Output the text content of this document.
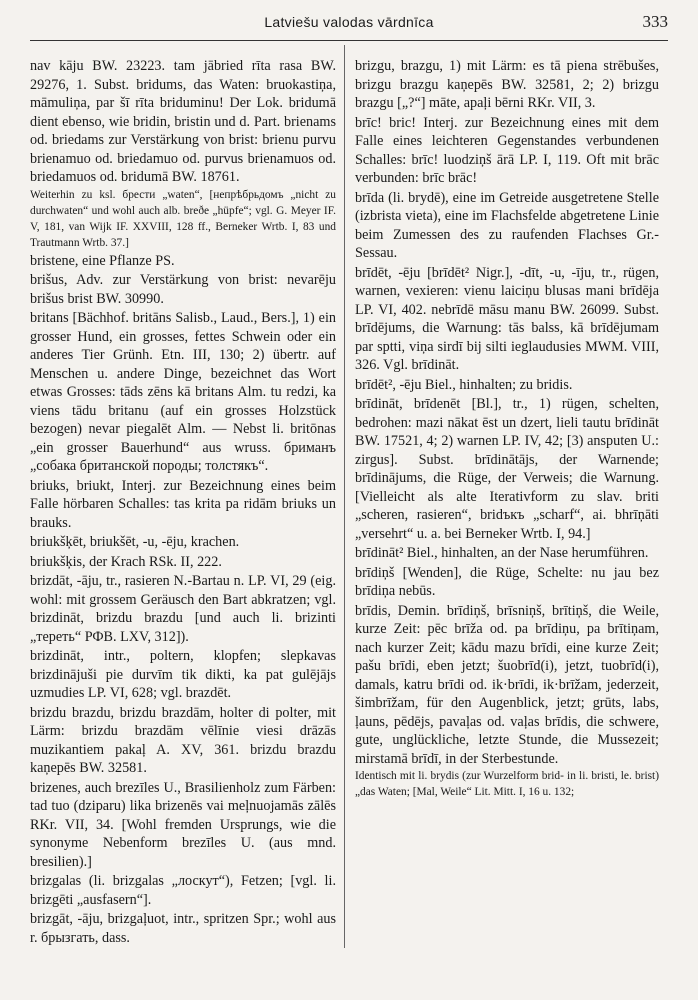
Latviešu valodas vārdnīca	333

nav kāju BW. 23223. tam jābried rīta rasa BW. 29276, 1. Subst. bridums, das Waten: bruokastiņa, māmuliņa, par šī rīta briduminu! Der Lok. bridumā dient ebenso, wie bridin, bristin und d. Part. brienams od. briedams zur Verstärkung von brist: brienu purvu brienamuo od. briedamuo od. purvus brienamuos od. briedamuos od. bridumā BW. 18761.

Weiterhin zu ksl. брести „waten“, [непрѣбрьдомъ „nicht zu durchwaten“ und wohl auch alb. breðe „hüpfe“; vgl. G. Meyer IF. V, 181, van Wijk IF. XXVIII, 128 ff., Berneker Wrtb. I, 83 und Trautmann Wrtb. 37.]

bristene, eine Pflanze PS.

brišus, Adv. zur Verstärkung von brist: nevarēju brišus brist BW. 30990.

britans [Bächhof. britāns Salisb., Laud., Bers.], 1) ein grosser Hund, ein grosses, fettes Schwein oder ein anderes Tier Grünh. Etn. III, 130; 2) übertr. auf Menschen u. andere Dinge, bezeichnet das Wort etwas Grosses: tāds zēns kā britans Alm. tu redzi, ka viens tādu britanu (auf ein grosses Holzstück bezogen) nevar piegalēt Alm. — Nebst li. britōnas „ein grosser Bauerhund“ aus wruss. бриманъ „собака британской породы; толстякъ“.

briuks, briukt, Interj. zur Bezeichnung eines beim Falle hörbaren Schalles: tas krita pa ridām briuks un brauks.

briukšķēt, briukšēt, -u, -ēju, krachen.

briukšķis, der Krach RSk. II, 222.

brizdāt, -āju, tr., rasieren N.-Bartau n. LP. VI, 29 (eig. wohl: mit grossem Geräusch den Bart abkratzen; vgl. brizdināt, brizdu brazdu [und auch li. brizinti „тереть“ РФВ. LXV, 312]).

brizdināt, intr., poltern, klopfen; slepkavas brizdinājuši pie durvīm tik dikti, ka pat gulējājs uzmudies LP. VI, 628; vgl. brazdēt.

brizdu brazdu, brizdu brazdām, holter di polter, mit Lärm: brizdu brazdām vēlīnie viesi drāzās muzikantiem pakaļ A. XV, 361. brizdu brazdu kaņepēs BW. 32581.

brizenes, auch brezīles U., Brasilienholz zum Färben: tad tuo (dziparu) lika brizenēs vai meļnuojamās zālēs RKr. VII, 34. [Wohl fremden Ursprungs, wie die synonyme Nebenform brezīles U. (aus mnd. bresilien).]

brizgalas (li. brizgalas „лоскут“), Fetzen; [vgl. li. brizgēti „ausfasern“].

brizgāt, -āju, brizgaļuot, intr., spritzen Spr.; wohl aus r. брызгать, dass.

brizgu, brazgu, 1) mit Lärm: es tā piena strēbušes, brizgu brazgu kaņepēs BW. 32581, 2; 2) brizgu brazgu [„?“] māte, apaļi bērni RKr. VII, 3.

brīc! bric! Interj. zur Bezeichnung eines mit dem Falle eines leichteren Gegenstandes verbundenen Schalles: brīc! luodziņš ārā LP. I, 119. Oft mit brāc verbunden: brīc brāc!

brīda (li. brydē), eine im Getreide ausgetretene Stelle (izbrista vieta), eine im Flachsfelde abgetretene Linie beim Zumessen des zu raufenden Flachses Gr.-Sessau.

brīdēt, -ēju [brīdēt² Nigr.], -dīt, -u, -īju, tr., rügen, warnen, vexieren: vienu laiciņu blusas mani brīdēja LP. VI, 402. nebrīdē māsu manu BW. 26099. Subst. brīdējums, die Warnung: tās balss, kā brīdējumam par sptti, viņa sirdī bij silti ieglaudusies MWM. VIII, 326. Vgl. brīdināt.

brīdēt², -ēju Biel., hinhalten; zu bridis.

brīdināt, brīdenēt [Bl.], tr., 1) rügen, schelten, bedrohen: mazi nākat ēst un dzert, lieli tautu brīdināt BW. 17521, 4; 2) warnen LP. IV, 42; [3) ansputen U.: zirgus]. Subst. brīdinātājs, der Warnende; brīdinājums, die Rüge, der Verweis; die Warnung. [Vielleicht als alte Iterativform zu slav. briti „scheren, rasieren“, bridъкъ „scharf“, ai. bhrīņāti „versehrt“ u. a. bei Berneker Wrtb. I, 94.]

brīdināt² Biel., hinhalten, an der Nase herumführen.

brīdiņš [Wenden], die Rüge, Schelte: nu jau bez brīdiņa nebūs.

brīdis, Demin. brīdiņš, brīsniņš, brītiņš, die Weile, kurze Zeit: pēc brīža od. pa brīdiņu, pa brītiņam, nach kurzer Zeit; kādu mazu brīdi, eine kurze Zeit; pašu brīdi, eben jetzt; šuobrīd(i), jetzt, tuobrīd(i), damals, katru brīdi od. ik·brīdi, ik·brīžam, jederzeit, šimbrīžam, für den Augenblick, jetzt; grūts, labs, ļauns, pēdējs, pavaļas od. vaļas brīdis, die schwere, gute, unglückliche, letzte Stunde, die Mussezeit; mirstamā brīdī, in der Sterbestunde.

Identisch mit li. brydis (zur Wurzelform brid- in li. bristi, le. brist) „das Waten; [Mal, Weile“ Lit. Mitt. I, 16 u. 132;
